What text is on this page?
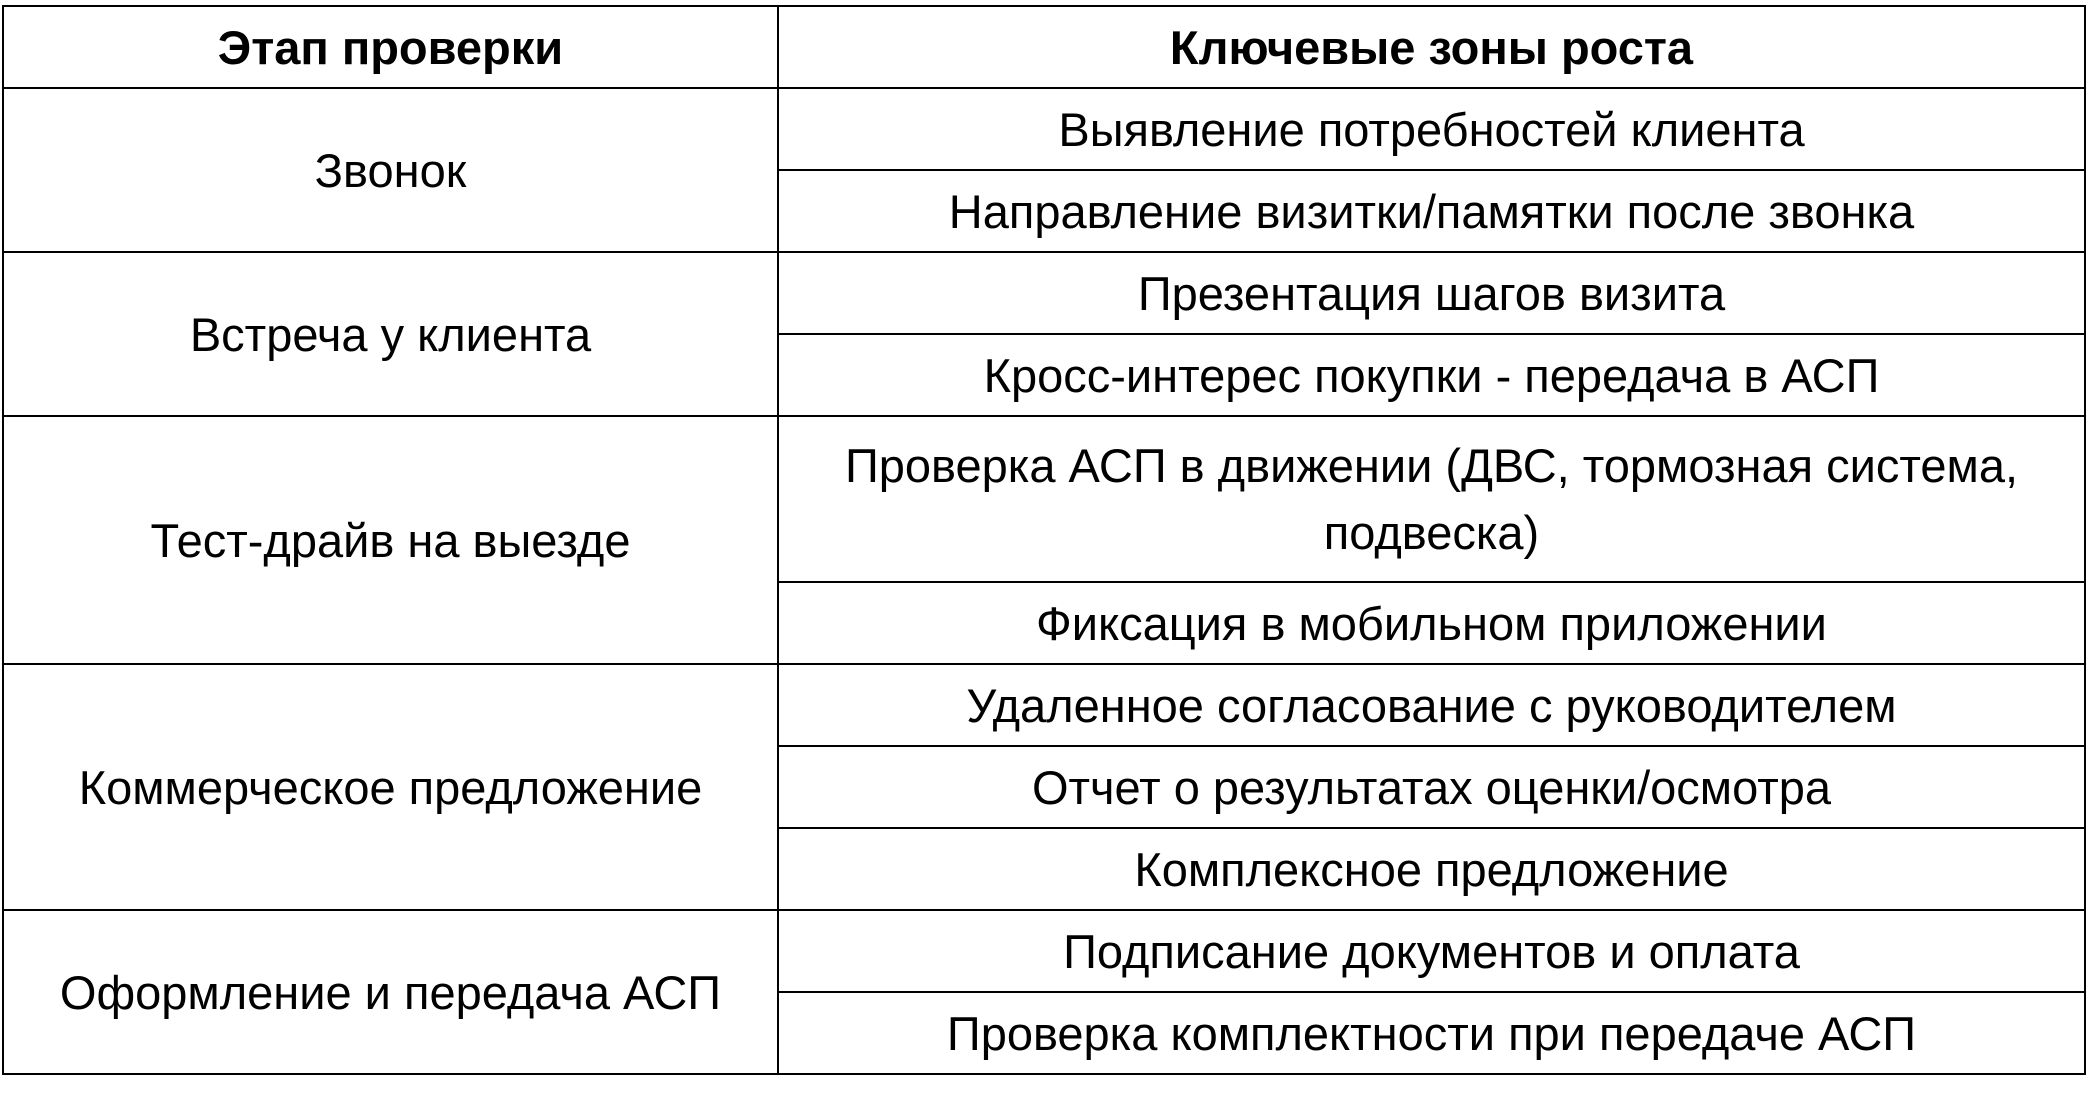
Этап проверки	Ключевые зоны роста
Звонок	Выявление потребностей клиента
	Направление визитки/памятки после звонка
Встреча у клиента	Презентация шагов визита
	Кросс-интерес покупки - передача в АСП
Тест-драйв на выезде	Проверка АСП в движении (ДВС, тормозная система, подвеска)
	Фиксация в мобильном приложении
Коммерческое предложение	Удаленное согласование с руководителем
	Отчет о результатах оценки/осмотра
	Комплексное предложение
Оформление и передача АСП	Подписание документов и оплата
	Проверка комплектности при передаче АСП
